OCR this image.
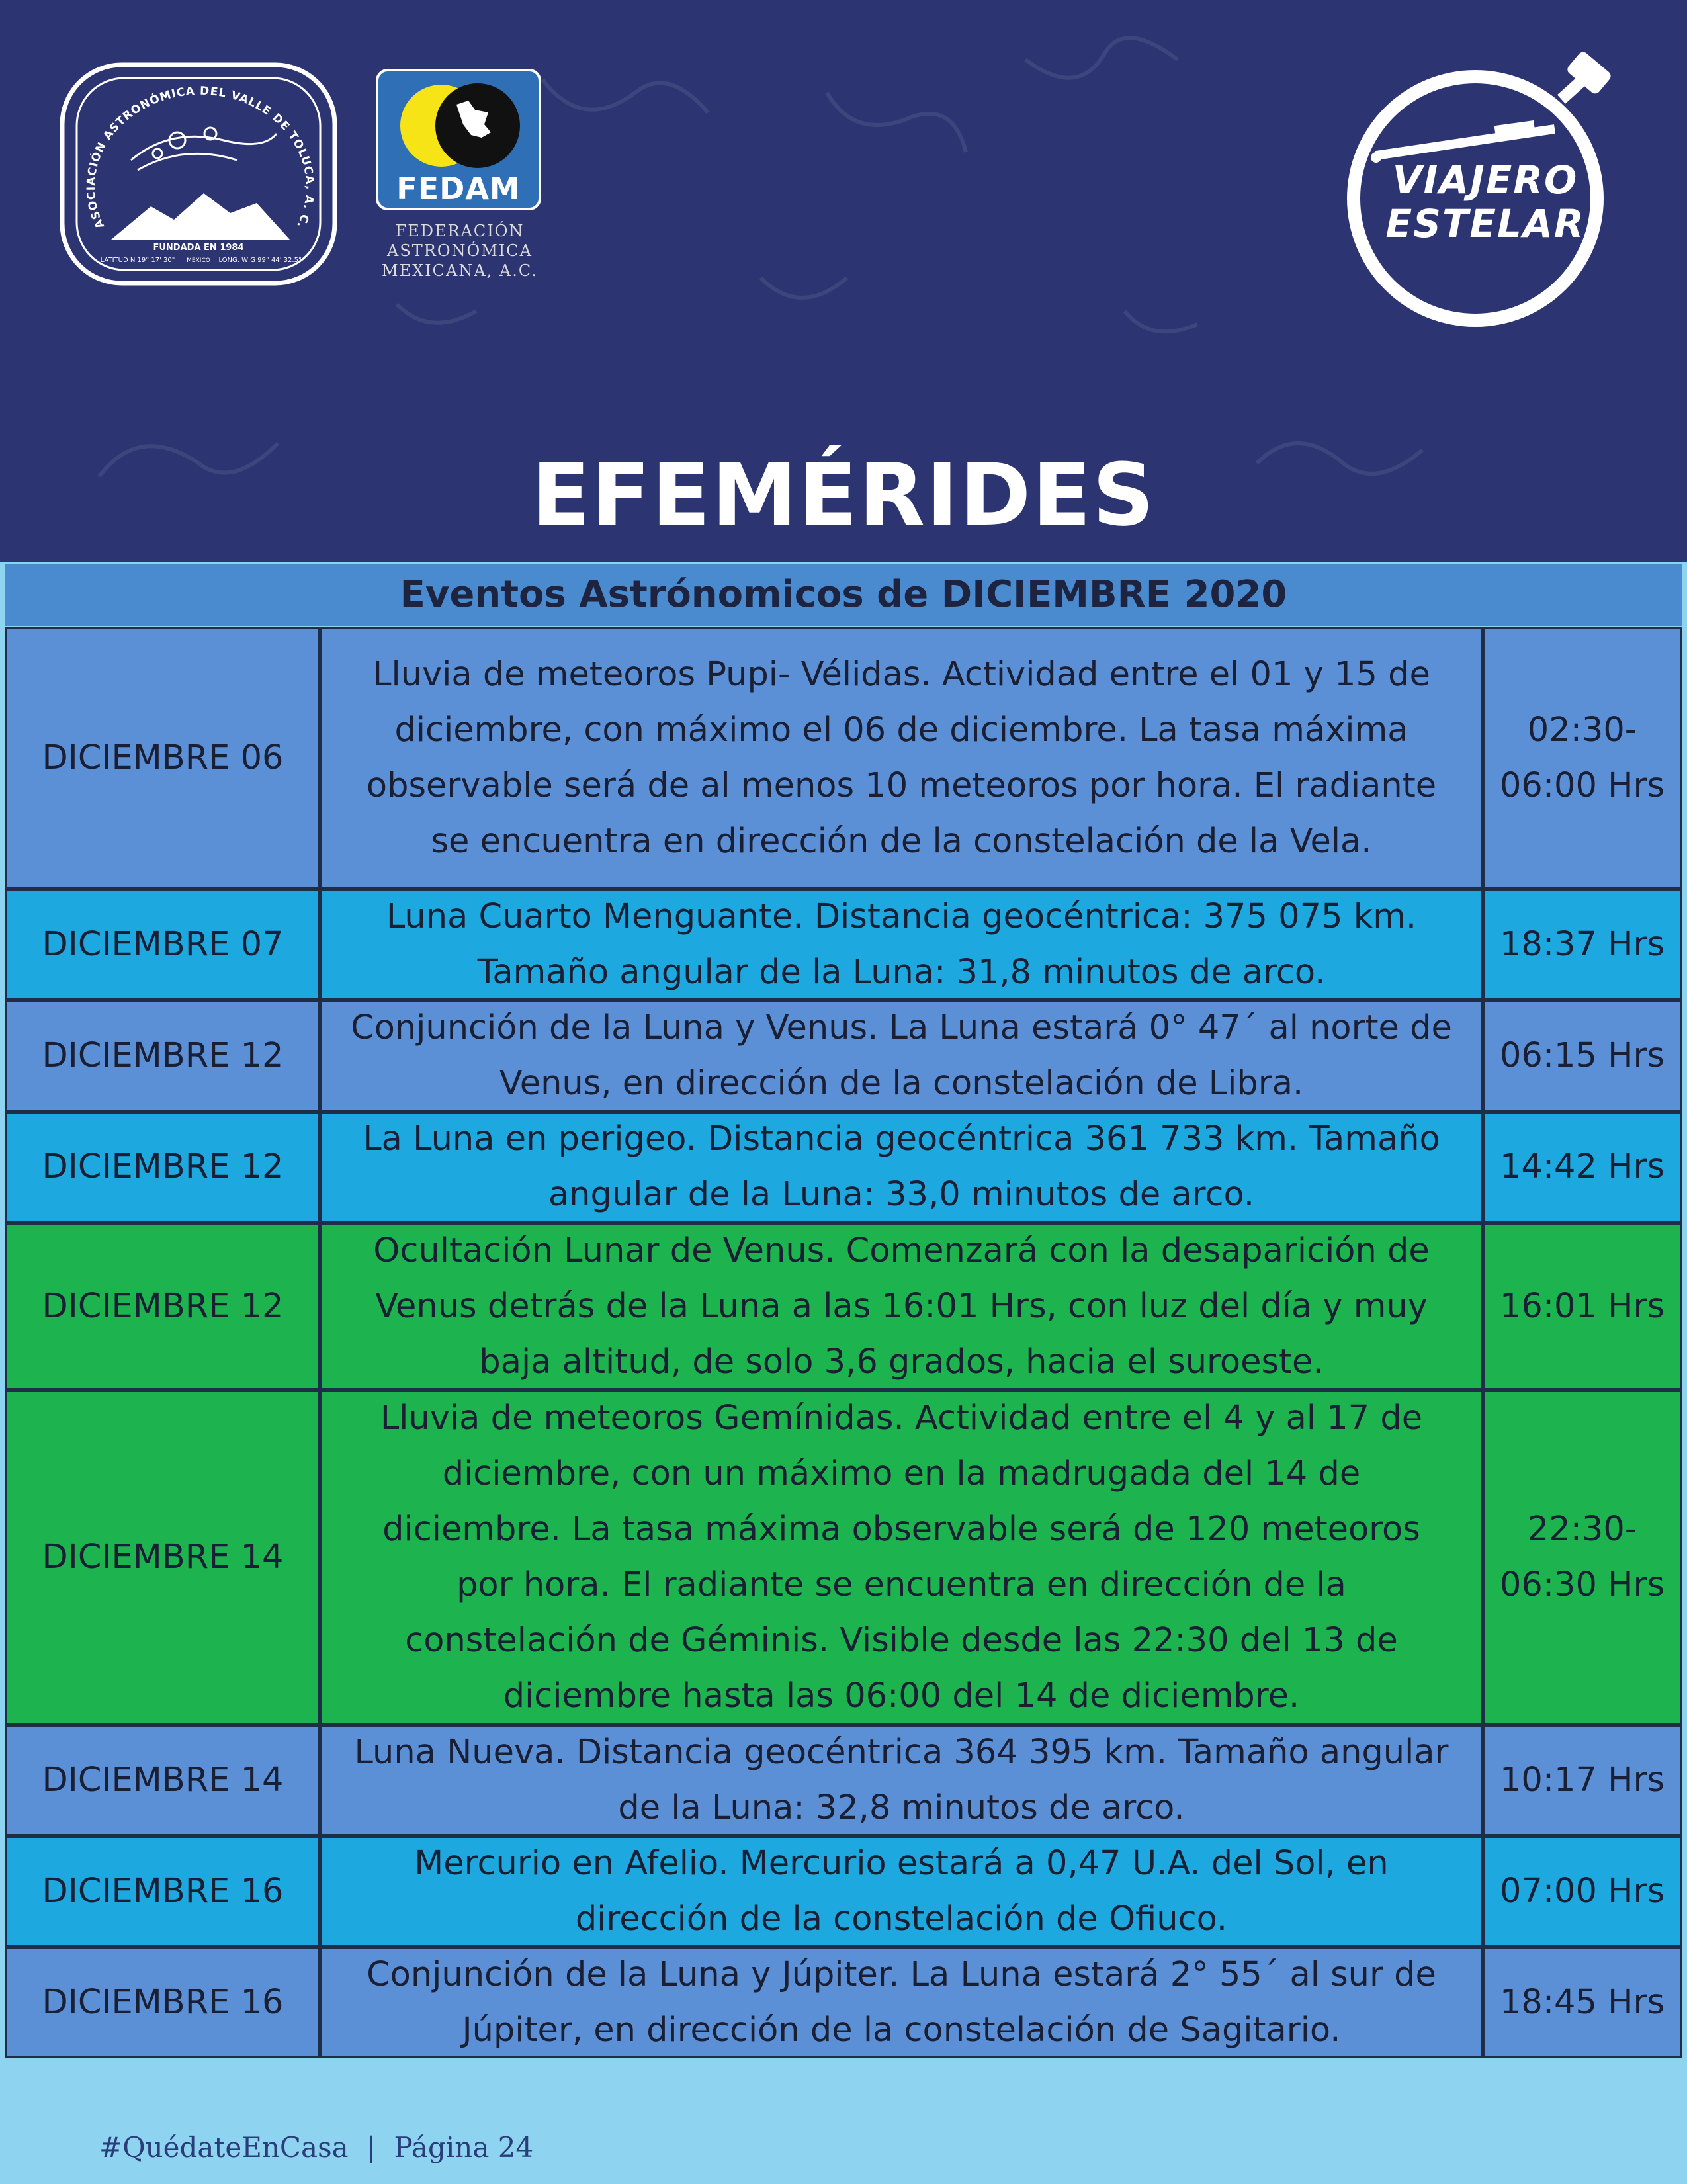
ASOCIACIÓN ASTRONÓMICA DEL VALLE DE TOLUCA, A. C.
FUNDADA EN 1984
LATITUD N 19° 17' 30" MEXICO LONG. W G 99° 44' 32.5"
FEDAM
FEDERACIÓN
ASTRONÓMICA
MEXICANA, A.C.
VIAJERO
ESTELAR
EFEMÉRIDES
Eventos Astrónomicos de DICIEMBRE 2020
DICIEMBRE 06
Lluvia de meteoros Pupi- Vélidas. Actividad entre el 01 y 15 de
diciembre, con máximo el 06 de diciembre. La tasa máxima
observable será de al menos 10 meteoros por hora. El radiante
se encuentra en dirección de la constelación de la Vela.
02:30-
06:00 Hrs
DICIEMBRE 07
Luna Cuarto Menguante. Distancia geocéntrica: 375 075 km.
Tamaño angular de la Luna: 31,8 minutos de arco.
18:37 Hrs
DICIEMBRE 12
Conjunción de la Luna y Venus. La Luna estará 0° 47´ al norte de
Venus, en dirección de la constelación de Libra.
06:15 Hrs
DICIEMBRE 12
La Luna en perigeo. Distancia geocéntrica 361 733 km. Tamaño
angular de la Luna: 33,0 minutos de arco.
14:42 Hrs
DICIEMBRE 12
Ocultación Lunar de Venus. Comenzará con la desaparición de
Venus detrás de la Luna a las 16:01 Hrs, con luz del día y muy
baja altitud, de solo 3,6 grados, hacia el suroeste.
16:01 Hrs
DICIEMBRE 14
Lluvia de meteoros Gemínidas. Actividad entre el 4 y al 17 de
diciembre, con un máximo en la madrugada del 14 de
diciembre. La tasa máxima observable será de 120 meteoros
por hora. El radiante se encuentra en dirección de la
constelación de Géminis. Visible desde las 22:30 del 13 de
diciembre hasta las 06:00 del 14 de diciembre.
22:30-
06:30 Hrs
DICIEMBRE 14
Luna Nueva. Distancia geocéntrica 364 395 km. Tamaño angular
de la Luna: 32,8 minutos de arco.
10:17 Hrs
DICIEMBRE 16
Mercurio en Afelio. Mercurio estará a 0,47 U.A. del Sol, en
dirección de la constelación de Ofiuco.
07:00 Hrs
DICIEMBRE 16
Conjunción de la Luna y Júpiter. La Luna estará 2° 55´ al sur de
Júpiter, en dirección de la constelación de Sagitario.
18:45 Hrs
#QuédateEnCasa | Página 24
